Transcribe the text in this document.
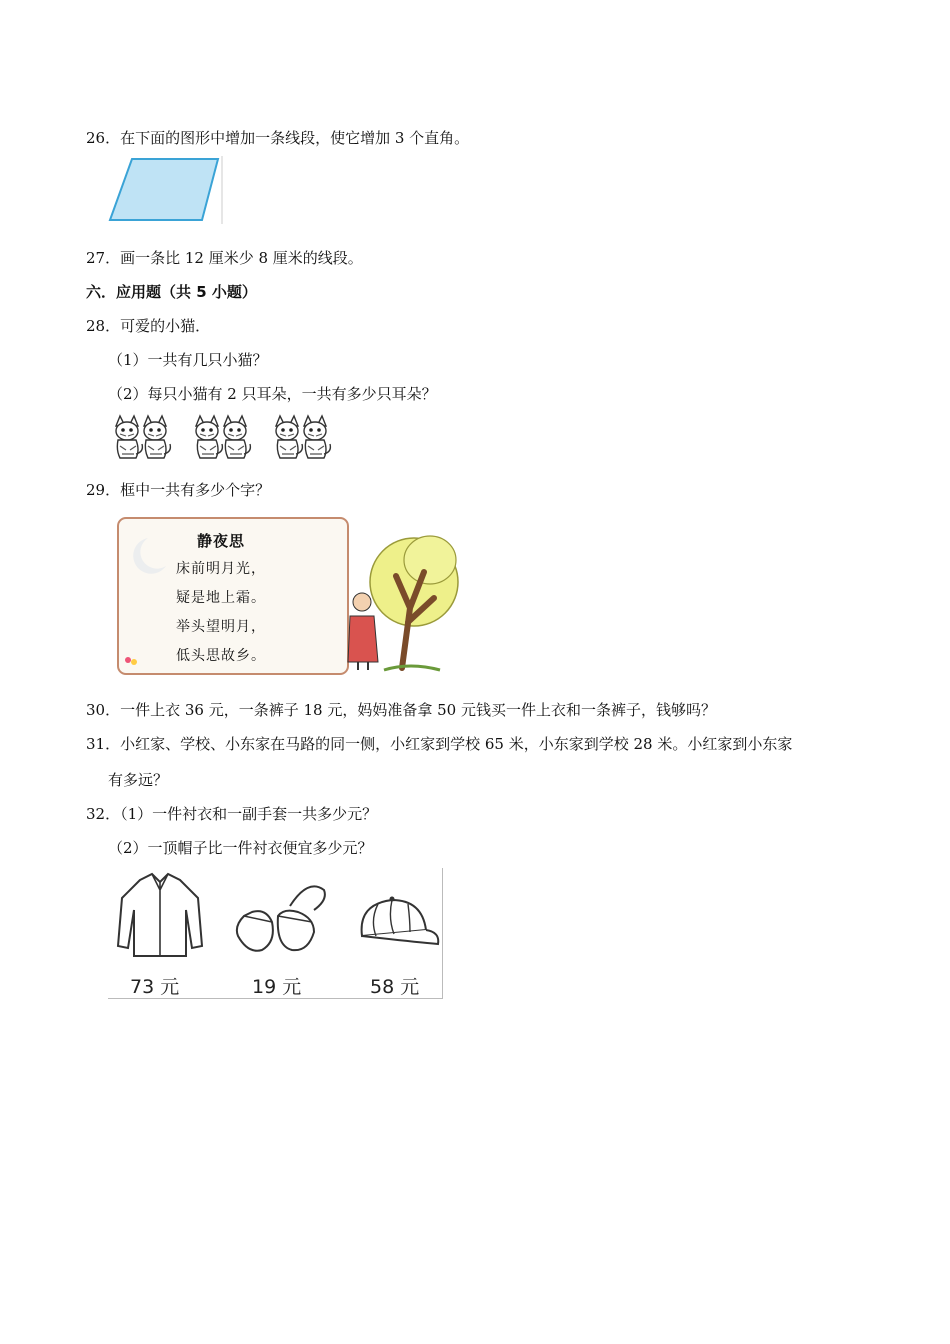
26．在下面的图形中增加一条线段，使它增加 3 个直角。
27．画一条比 12 厘米少 8 厘米的线段。
六．应用题（共 5 小题）
28．可爱的小猫．
（1）一共有几只小猫？
（2）每只小猫有 2 只耳朵，一共有多少只耳朵？
29．框中一共有多少个字？
静夜思
床前明月光，
疑是地上霜。
举头望明月，
低头思故乡。
30．一件上衣 36 元，一条裤子 18 元，妈妈准备拿 50 元钱买一件上衣和一条裤子，钱够吗？
31．小红家、学校、小东家在马路的同一侧，小红家到学校 65 米，小东家到学校 28 米。小红家到小东家
有多远？
32．（1）一件衬衣和一副手套一共多少元？
（2）一顶帽子比一件衬衣便宜多少元？
73 元	19 元	58 元
